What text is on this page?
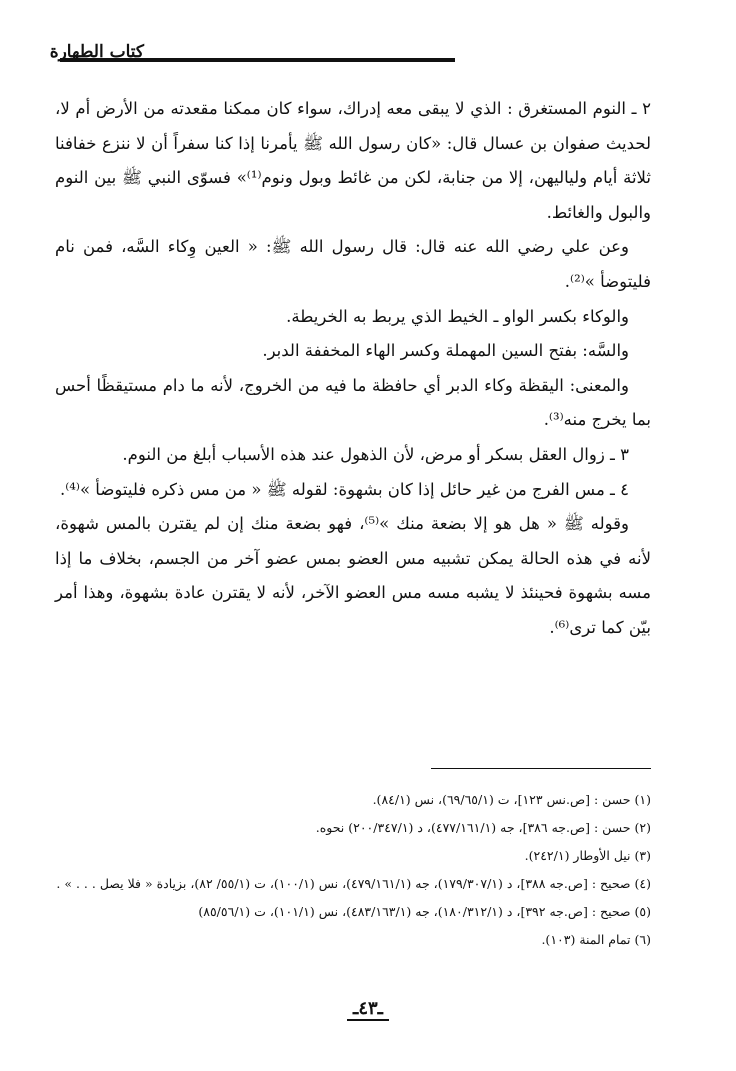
كتاب الطهارة

٢ ـ النوم المستغرق : الذي لا يبقى معه إدراك، سواء كان ممكنا مقعدته من الأرض أم لا، لحديث صفوان بن عسال قال: «كان رسول الله ﷺ يأمرنا إذا كنا سفراً أن لا ننزع خفافنا ثلاثة أيام ولياليهن، إلا من جنابة، لكن من غائط وبول ونوم⁽¹⁾» فسوّى النبي ﷺ بين النوم والبول والغائط.

وعن علي رضي الله عنه قال: قال رسول الله ﷺ: « العين وِكاء السَّه، فمن نام فليتوضأ »⁽²⁾.

والوكاء بكسر الواو ـ الخيط الذي يربط به الخريطة.

والسَّه: بفتح السين المهملة وكسر الهاء المخففة الدبر.

والمعنى: اليقظة وكاء الدبر أي حافظة ما فيه من الخروج، لأنه ما دام مستيقظًا أحس بما يخرج منه⁽³⁾.

٣ ـ زوال العقل بسكر أو مرض، لأن الذهول عند هذه الأسباب أبلغ من النوم.

٤ ـ مس الفرج من غير حائل إذا كان بشهوة: لقوله ﷺ « من مس ذكره فليتوضأ »⁽⁴⁾.

وقوله ﷺ « هل هو إلا بضعة منك »⁽⁵⁾، فهو بضعة منك إن لم يقترن بالمس شهوة، لأنه في هذه الحالة يمكن تشبيه مس العضو بمس عضو آخر من الجسم، بخلاف ما إذا مسه بشهوة فحينئذ لا يشبه مسه مس العضو الآخر، لأنه لا يقترن عادة بشهوة، وهذا أمر بيّن كما ترى⁽⁶⁾.

(١) حسن : [ص.نس ١٢٣]، ت (٦٩/٦٥/١)، نس (٨٤/١).

(٢) حسن : [ص.جه ٣٨٦]، جه (٤٧٧/١٦١/١)، د (٢٠٠/٣٤٧/١) نحوه.

(٣) نيل الأوطار (٢٤٢/١).

(٤) صحيح : [ص.جه ٣٨٨]، د (١٧٩/٣٠٧/١)، جه (٤٧٩/١٦١/١)، نس (١٠٠/١)، ت (٥٥/١/ ٨٢)، بزيادة « فلا يصل . . . » .

(٥) صحيح : [ص.جه ٣٩٢]، د (١٨٠/٣١٢/١)، جه (٤٨٣/١٦٣/١)، نس (١٠١/١)، ت (٨٥/٥٦/١)

(٦) تمام المنة (١٠٣).

ـ٤٣ـ
